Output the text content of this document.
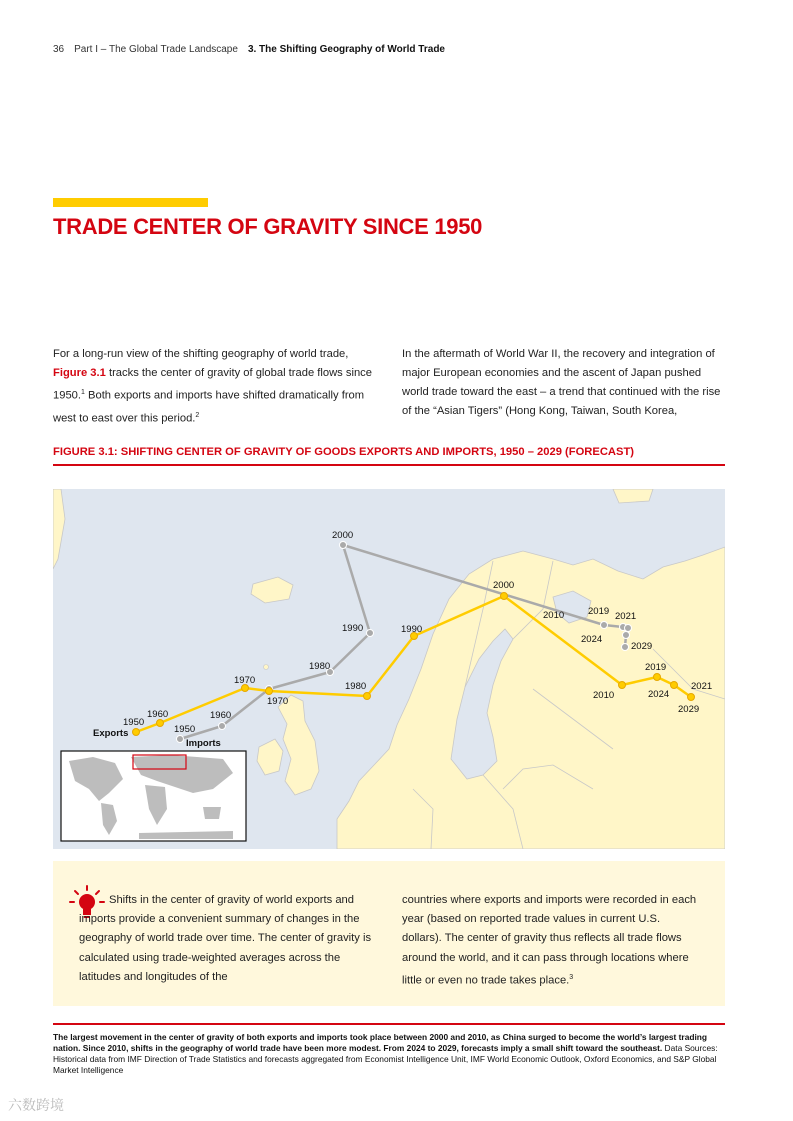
36 Part I – The Global Trade Landscape 3. The Shifting Geography of World Trade
TRADE CENTER OF GRAVITY SINCE 1950
For a long-run view of the shifting geography of world trade, Figure 3.1 tracks the center of gravity of global trade flows since 1950.$^1$ Both exports and imports have shifted dramatically from west to east over this period.$^2$
In the aftermath of World War II, the recovery and integration of major European economies and the ascent of Japan pushed world trade toward the east – a trend that continued with the rise of the “Asian Tigers” (Hong Kong, Taiwan, South Korea,
FIGURE 3.1: SHIFTING CENTER OF GRAVITY OF GOODS EXPORTS AND IMPORTS, 1950 – 2029 (FORECAST)
1950
1960
1970
1980
1990
2000
2010
2019
2021
2024
2029
1950
1960
1970
1980
1990
2000
2010	2019 2021
2024
2029
Exports
Imports
Shifts in the center of gravity of world exports and imports provide a convenient summary of changes in the geography of world trade over time. The center of gravity is calculated using trade-weighted averages across the latitudes and longitudes of the
countries where exports and imports were recorded in each year (based on reported trade values in current U.S. dollars). The center of gravity thus reflects all trade flows around the world, and it can pass through locations where little or even no trade takes place.$^3$
The largest movement in the center of gravity of both exports and imports took place between 2000 and 2010, as China surged to become the world’s largest trading nation. Since 2010, shifts in the geography of world trade have been more modest. From 2024 to 2029, forecasts imply a small shift toward the southeast. Data Sources: Historical data from IMF Direction of Trade Statistics and forecasts aggregated from Economist Intelligence Unit, IMF World Economic Outlook, Oxford Economics, and S&P Global Market Intelligence
六数跨境
